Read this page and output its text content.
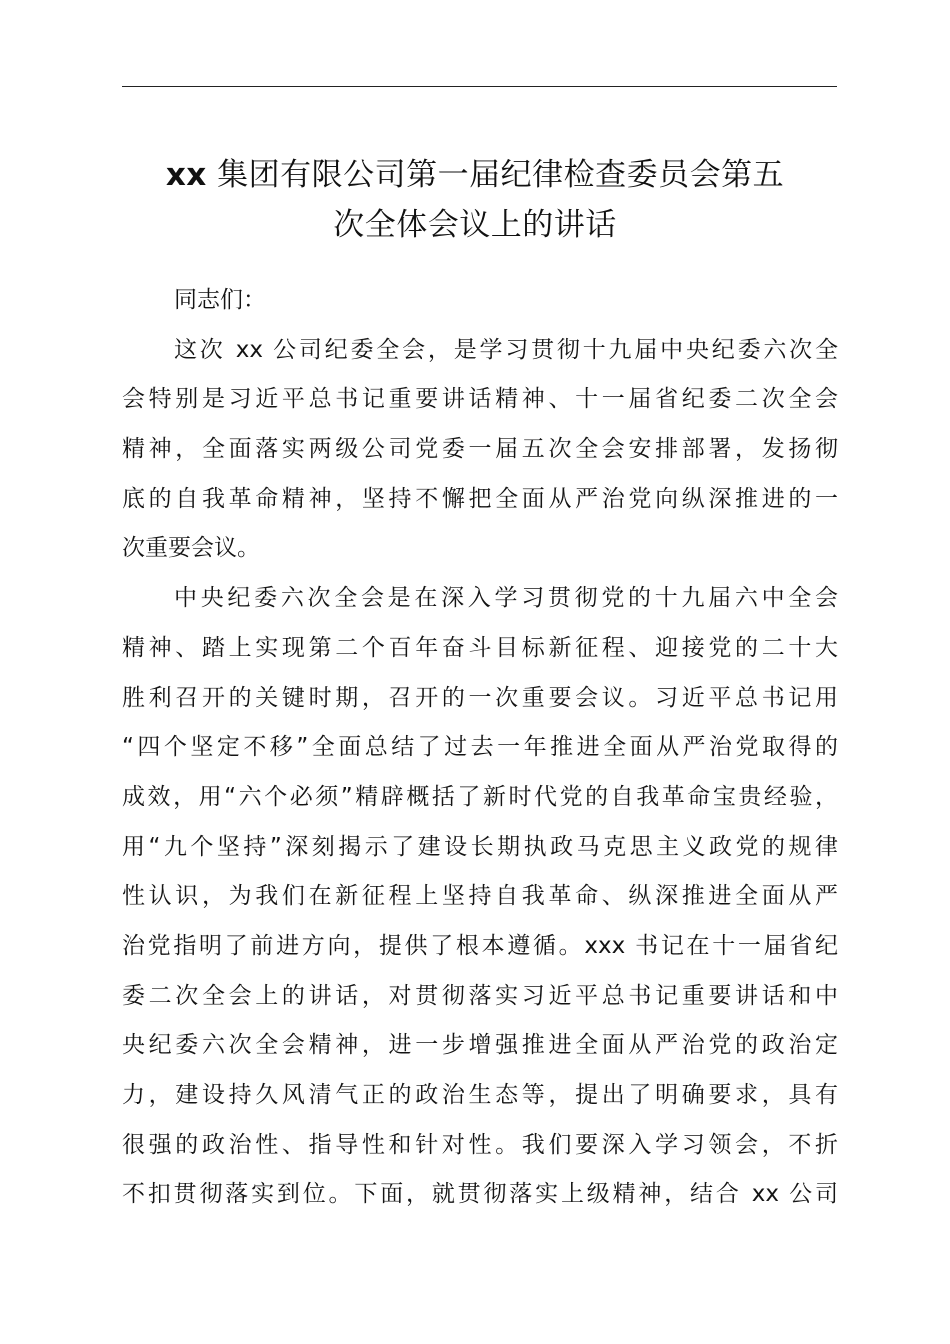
xx 集团有限公司第一届纪律检查委员会第五
次全体会议上的讲话
同志们：
这次 xx 公司纪委全会，是学习贯彻十九届中央纪委六次全
会特别是习近平总书记重要讲话精神、十一届省纪委二次全会
精神，全面落实两级公司党委一届五次全会安排部署，发扬彻
底的自我革命精神，坚持不懈把全面从严治党向纵深推进的一
次重要会议。
中央纪委六次全会是在深入学习贯彻党的十九届六中全会
精神、踏上实现第二个百年奋斗目标新征程、迎接党的二十大
胜利召开的关键时期，召开的一次重要会议。习近平总书记用
“四个坚定不移”全面总结了过去一年推进全面从严治党取得的
成效，用“六个必须”精辟概括了新时代党的自我革命宝贵经验，
用“九个坚持”深刻揭示了建设长期执政马克思主义政党的规律
性认识，为我们在新征程上坚持自我革命、纵深推进全面从严
治党指明了前进方向，提供了根本遵循。xxx 书记在十一届省纪
委二次全会上的讲话，对贯彻落实习近平总书记重要讲话和中
央纪委六次全会精神，进一步增强推进全面从严治党的政治定
力，建设持久风清气正的政治生态等，提出了明确要求，具有
很强的政治性、指导性和针对性。我们要深入学习领会，不折
不扣贯彻落实到位。下面，就贯彻落实上级精神，结合 xx 公司
